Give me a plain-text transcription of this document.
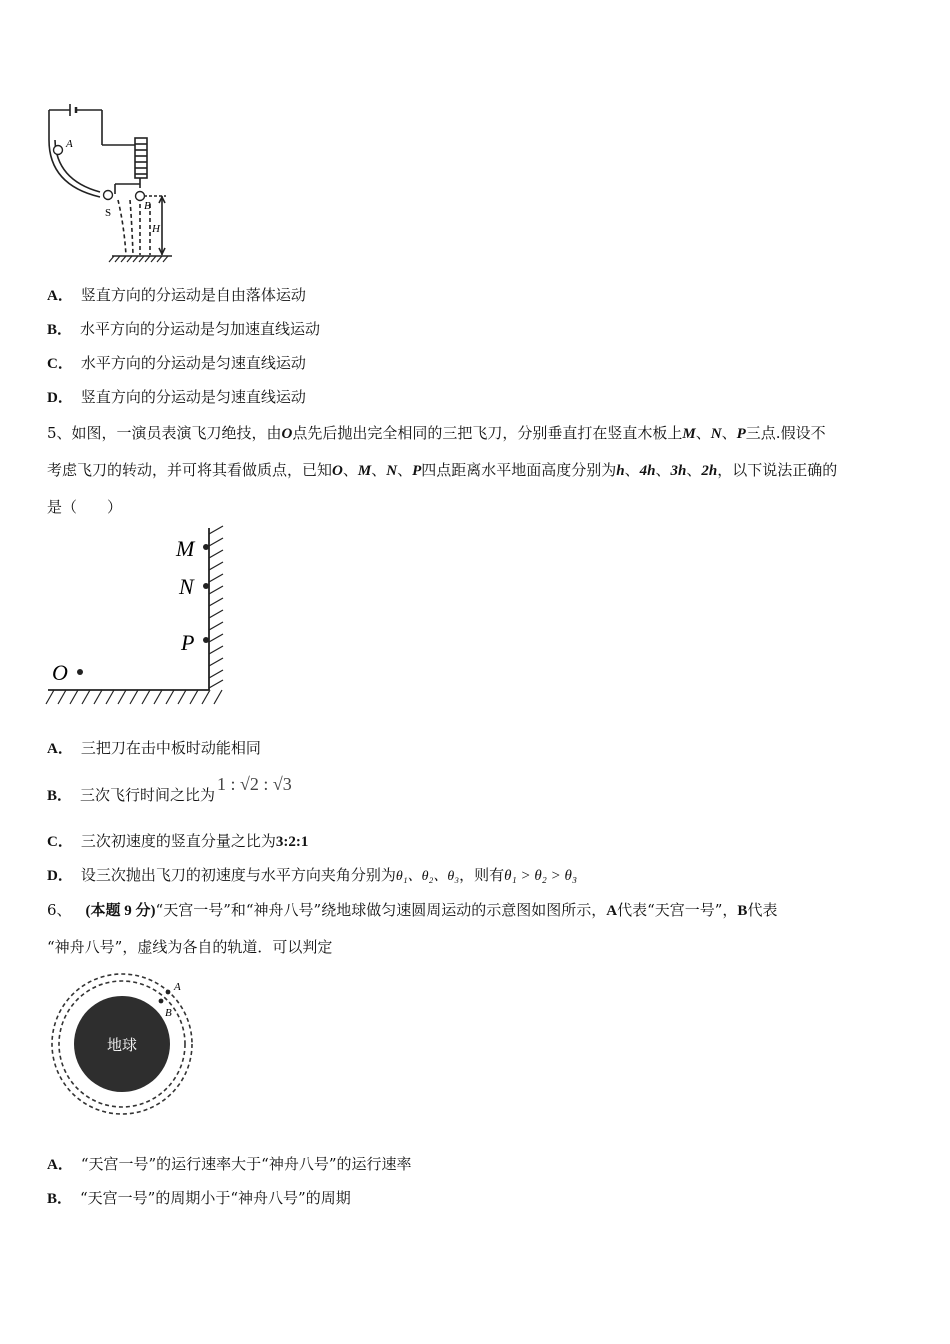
A
S
B
H
A． 竖直方向的分运动是自由落体运动
B． 水平方向的分运动是匀加速直线运动
C． 水平方向的分运动是匀速直线运动
D． 竖直方向的分运动是匀速直线运动
5、如图，一演员表演飞刀绝技，由O点先后抛出完全相同的三把飞刀，分别垂直打在竖直木板上M、N、P三点.假设不
考虑飞刀的转动，并可将其看做质点，已知O、M、N、P四点距离水平地面高度分别为h、4h、3h、2h，以下说法正确的
是（　　）
M
N
P
O
A． 三把刀在击中板时动能相同
B． 三次飞行时间之比为1 : √2 : √3
C． 三次初速度的竖直分量之比为3:2:1
D． 设三次抛出飞刀的初速度与水平方向夹角分别为θ₁、θ₂、θ₃，则有θ₁ > θ₂ > θ₃
6、 (本题 9 分)“天宫一号”和“神舟八号”绕地球做匀速圆周运动的示意图如图所示，A代表“天宫一号”，B代表
“神舟八号”，虚线为各自的轨道．可以判定
地球
A
B
A． “天宫一号”的运行速率大于“神舟八号”的运行速率
B． “天宫一号”的周期小于“神舟八号”的周期
